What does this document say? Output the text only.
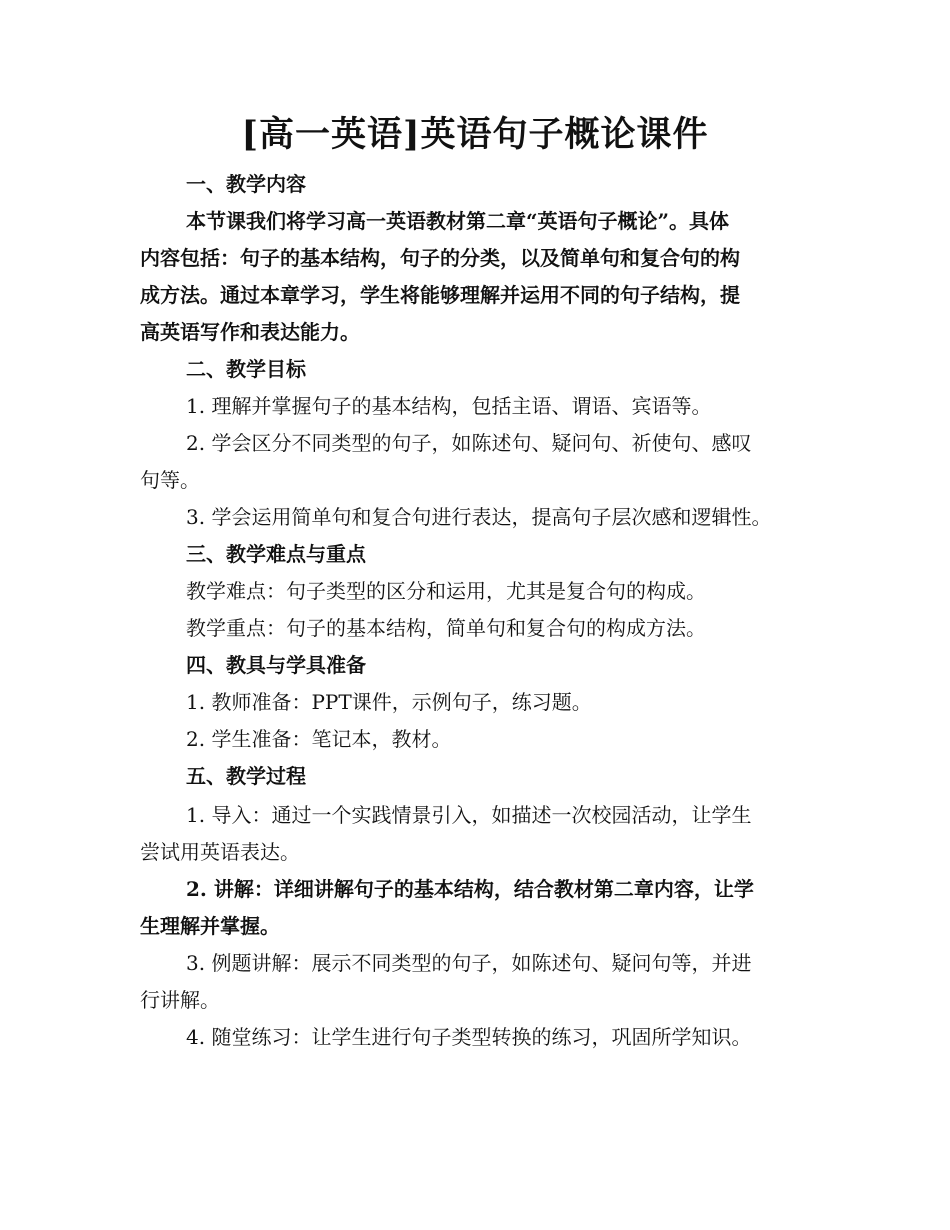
[高一英语]英语句子概论课件
一、教学内容
本节课我们将学习高一英语教材第二章“英语句子概论”。具体
内容包括：句子的基本结构，句子的分类，以及简单句和复合句的构
成方法。通过本章学习，学生将能够理解并运用不同的句子结构，提
高英语写作和表达能力。
二、教学目标
1. 理解并掌握句子的基本结构，包括主语、谓语、宾语等。
2. 学会区分不同类型的句子，如陈述句、疑问句、祈使句、感叹
句等。
3. 学会运用简单句和复合句进行表达，提高句子层次感和逻辑性。
三、教学难点与重点
教学难点：句子类型的区分和运用，尤其是复合句的构成。
教学重点：句子的基本结构，简单句和复合句的构成方法。
四、教具与学具准备
1. 教师准备：PPT课件，示例句子，练习题。
2. 学生准备：笔记本，教材。
五、教学过程
1. 导入：通过一个实践情景引入，如描述一次校园活动，让学生
尝试用英语表达。
2. 讲解：详细讲解句子的基本结构，结合教材第二章内容，让学
生理解并掌握。
3. 例题讲解：展示不同类型的句子，如陈述句、疑问句等，并进
行讲解。
4. 随堂练习：让学生进行句子类型转换的练习，巩固所学知识。
